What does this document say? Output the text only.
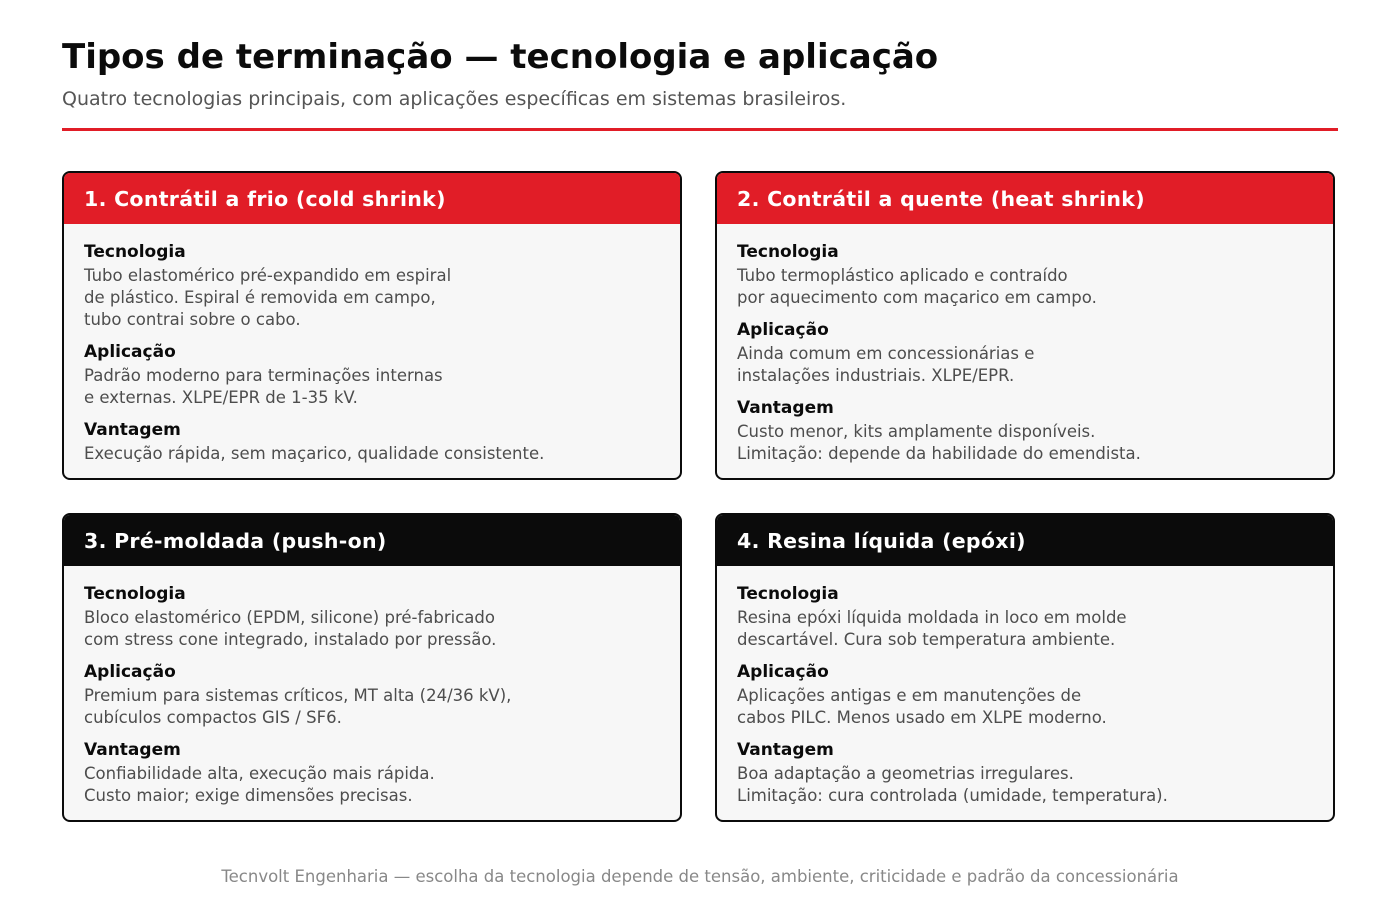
Tipos de terminação — tecnologia e aplicação

Quatro tecnologias principais, com aplicações específicas em sistemas brasileiros.

1. Contrátil a frio (cold shrink)
Tecnologia
Tubo elastomérico pré-expandido em espiral
de plástico. Espiral é removida em campo,
tubo contrai sobre o cabo.
Aplicação
Padrão moderno para terminações internas
e externas. XLPE/EPR de 1-35 kV.
Vantagem
Execução rápida, sem maçarico, qualidade consistente.
2. Contrátil a quente (heat shrink)
Tecnologia
Tubo termoplástico aplicado e contraído
por aquecimento com maçarico em campo.
Aplicação
Ainda comum em concessionárias e
instalações industriais. XLPE/EPR.
Vantagem
Custo menor, kits amplamente disponíveis.
Limitação: depende da habilidade do emendista.
3. Pré-moldada (push-on)
Tecnologia
Bloco elastomérico (EPDM, silicone) pré-fabricado
com stress cone integrado, instalado por pressão.
Aplicação
Premium para sistemas críticos, MT alta (24/36 kV),
cubículos compactos GIS / SF6.
Vantagem
Confiabilidade alta, execução mais rápida.
Custo maior; exige dimensões precisas.
4. Resina líquida (epóxi)
Tecnologia
Resina epóxi líquida moldada in loco em molde
descartável. Cura sob temperatura ambiente.
Aplicação
Aplicações antigas e em manutenções de
cabos PILC. Menos usado em XLPE moderno.
Vantagem
Boa adaptação a geometrias irregulares.
Limitação: cura controlada (umidade, temperatura).
Tecnvolt Engenharia — escolha da tecnologia depende de tensão, ambiente, criticidade e padrão da concessionária
